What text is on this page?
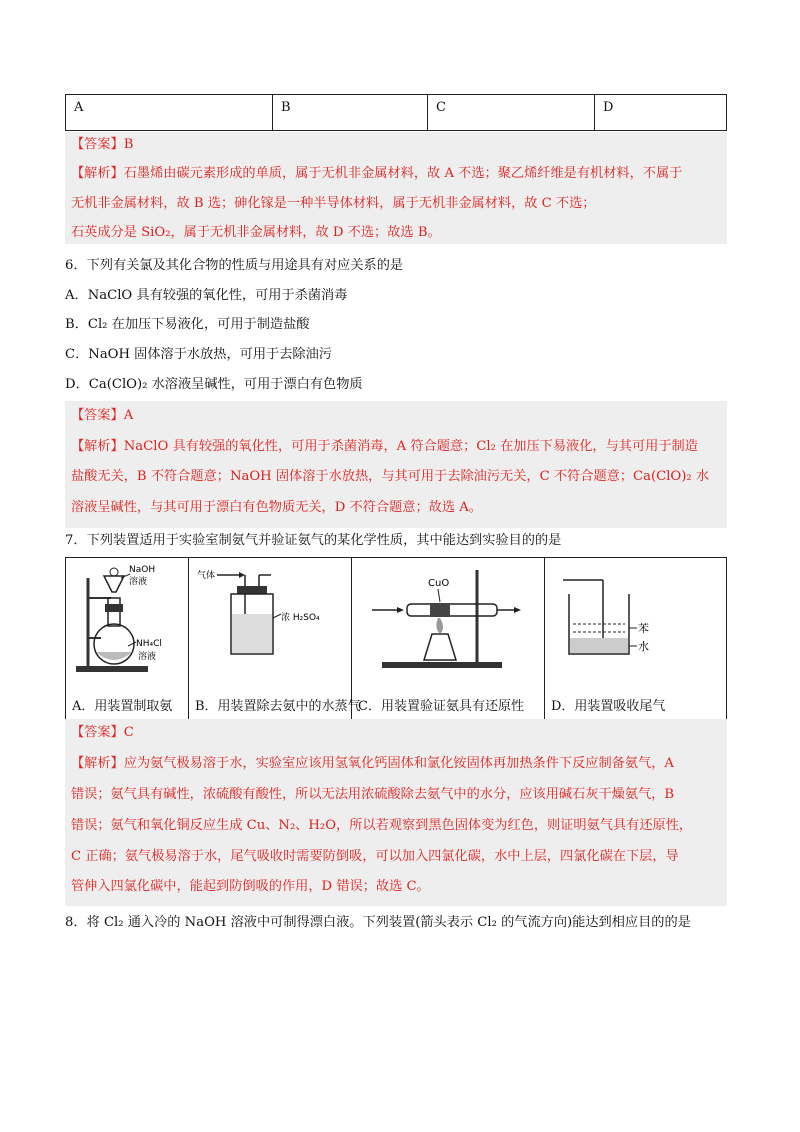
A	B	C	D
【答案】B
【解析】石墨烯由碳元素形成的单质，属于无机非金属材料，故 A 不选；聚乙烯纤维是有机材料，不属于
无机非金属材料，故 B 选；砷化镓是一种半导体材料，属于无机非金属材料，故 C 不选；
石英成分是 SiO₂，属于无机非金属材料，故 D 不选；故选 B。
6．下列有关氯及其化合物的性质与用途具有对应关系的是
A．NaClO 具有较强的氧化性，可用于杀菌消毒
B．Cl₂ 在加压下易液化，可用于制造盐酸
C．NaOH 固体溶于水放热，可用于去除油污
D．Ca(ClO)₂ 水溶液呈碱性，可用于漂白有色物质
【答案】A
【解析】NaClO 具有较强的氧化性，可用于杀菌消毒，A 符合题意；Cl₂ 在加压下易液化，与其可用于制造
盐酸无关，B 不符合题意；NaOH 固体溶于水放热，与其可用于去除油污无关，C 不符合题意；Ca(ClO)₂ 水
溶液呈碱性，与其可用于漂白有色物质无关，D 不符合题意；故选 A。
7．下列装置适用于实验室制氨气并验证氨气的某化学性质，其中能达到实验目的的是
NaOH
溶液
NH₄Cl
溶液
A．用装置制取氨

气体
浓 H₂SO₄
B．用装置除去氨中的水蒸气

CuO
C．用装置验证氨具有还原性

苯
水
D．用装置吸收尾气
【答案】C
【解析】应为氨气极易溶于水，实验室应该用氢氧化钙固体和氯化铵固体再加热条件下反应制备氨气，A
错误；氨气具有碱性，浓硫酸有酸性，所以无法用浓硫酸除去氨气中的水分，应该用碱石灰干燥氨气，B
错误；氨气和氧化铜反应生成 Cu、N₂、H₂O，所以若观察到黑色固体变为红色，则证明氨气具有还原性，
C 正确；氨气极易溶于水，尾气吸收时需要防倒吸，可以加入四氯化碳，水中上层，四氯化碳在下层，导
管伸入四氯化碳中，能起到防倒吸的作用，D 错误；故选 C。
8．将 Cl₂ 通入冷的 NaOH 溶液中可制得漂白液。下列装置(箭头表示 Cl₂ 的气流方向)能达到相应目的的是
